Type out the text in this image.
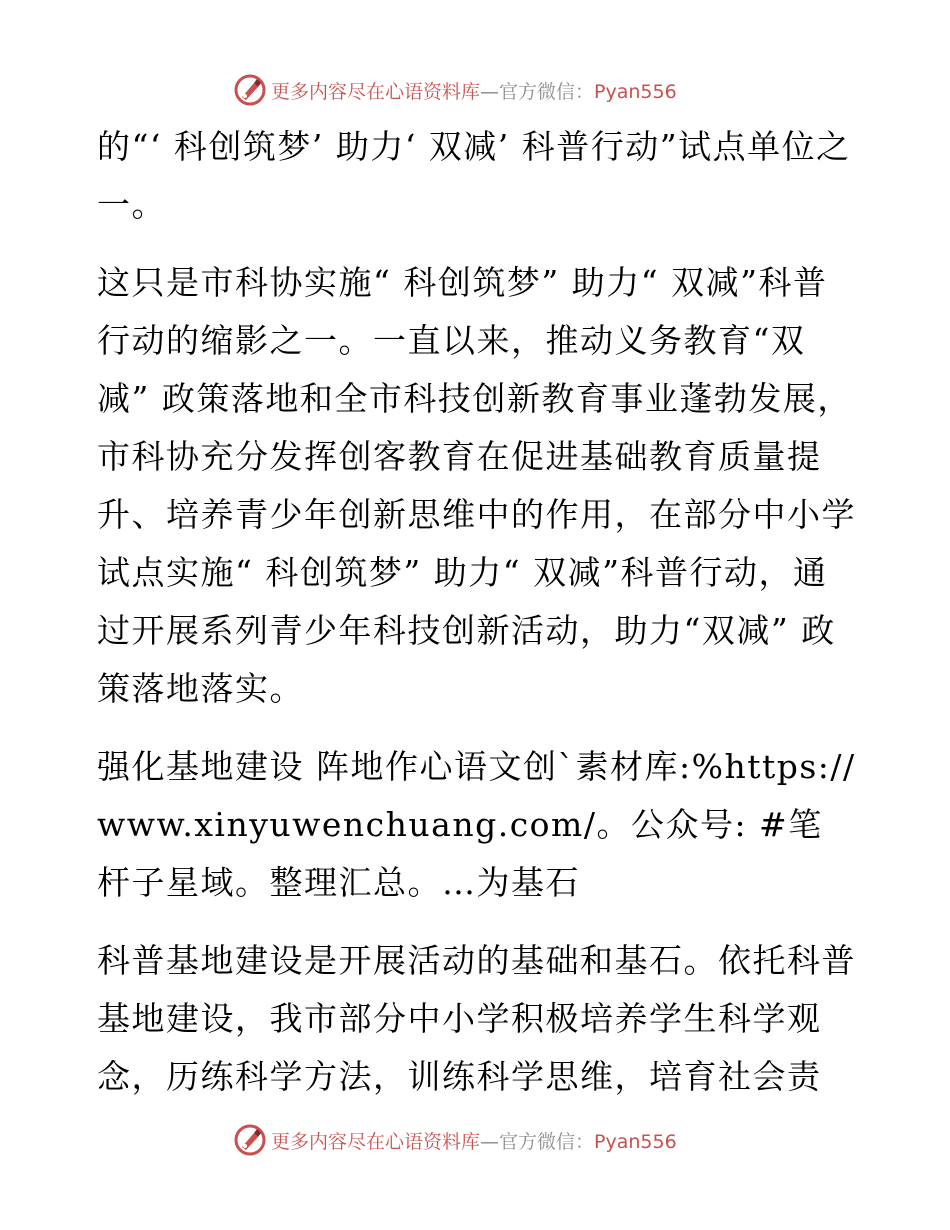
更多内容尽在心语资料库—官方微信：Pyan556

的“‘ 科创筑梦’ 助力‘ 双减’ 科普行动”试点单位之一。

这只是市科协实施“ 科创筑梦” 助力“ 双减”科普行动的缩影之一。一直以来，推动义务教育“双减” 政策落地和全市科技创新教育事业蓬勃发展，市科协充分发挥创客教育在促进基础教育质量提升、培养青少年创新思维中的作用，在部分中小学试点实施“ 科创筑梦” 助力“ 双减”科普行动，通过开展系列青少年科技创新活动，助力“双减” 政策落地落实。

强化基地建设 阵地作心语文创`素材库:%https://www.xinyuwenchuang.com/。公众号: #笔杆子星域。整理汇总。…为基石

科普基地建设是开展活动的基础和基石。依托科普基地建设，我市部分中小学积极培养学生科学观念，历练科学方法，训练科学思维，培育社会责

更多内容尽在心语资料库—官方微信：Pyan556
